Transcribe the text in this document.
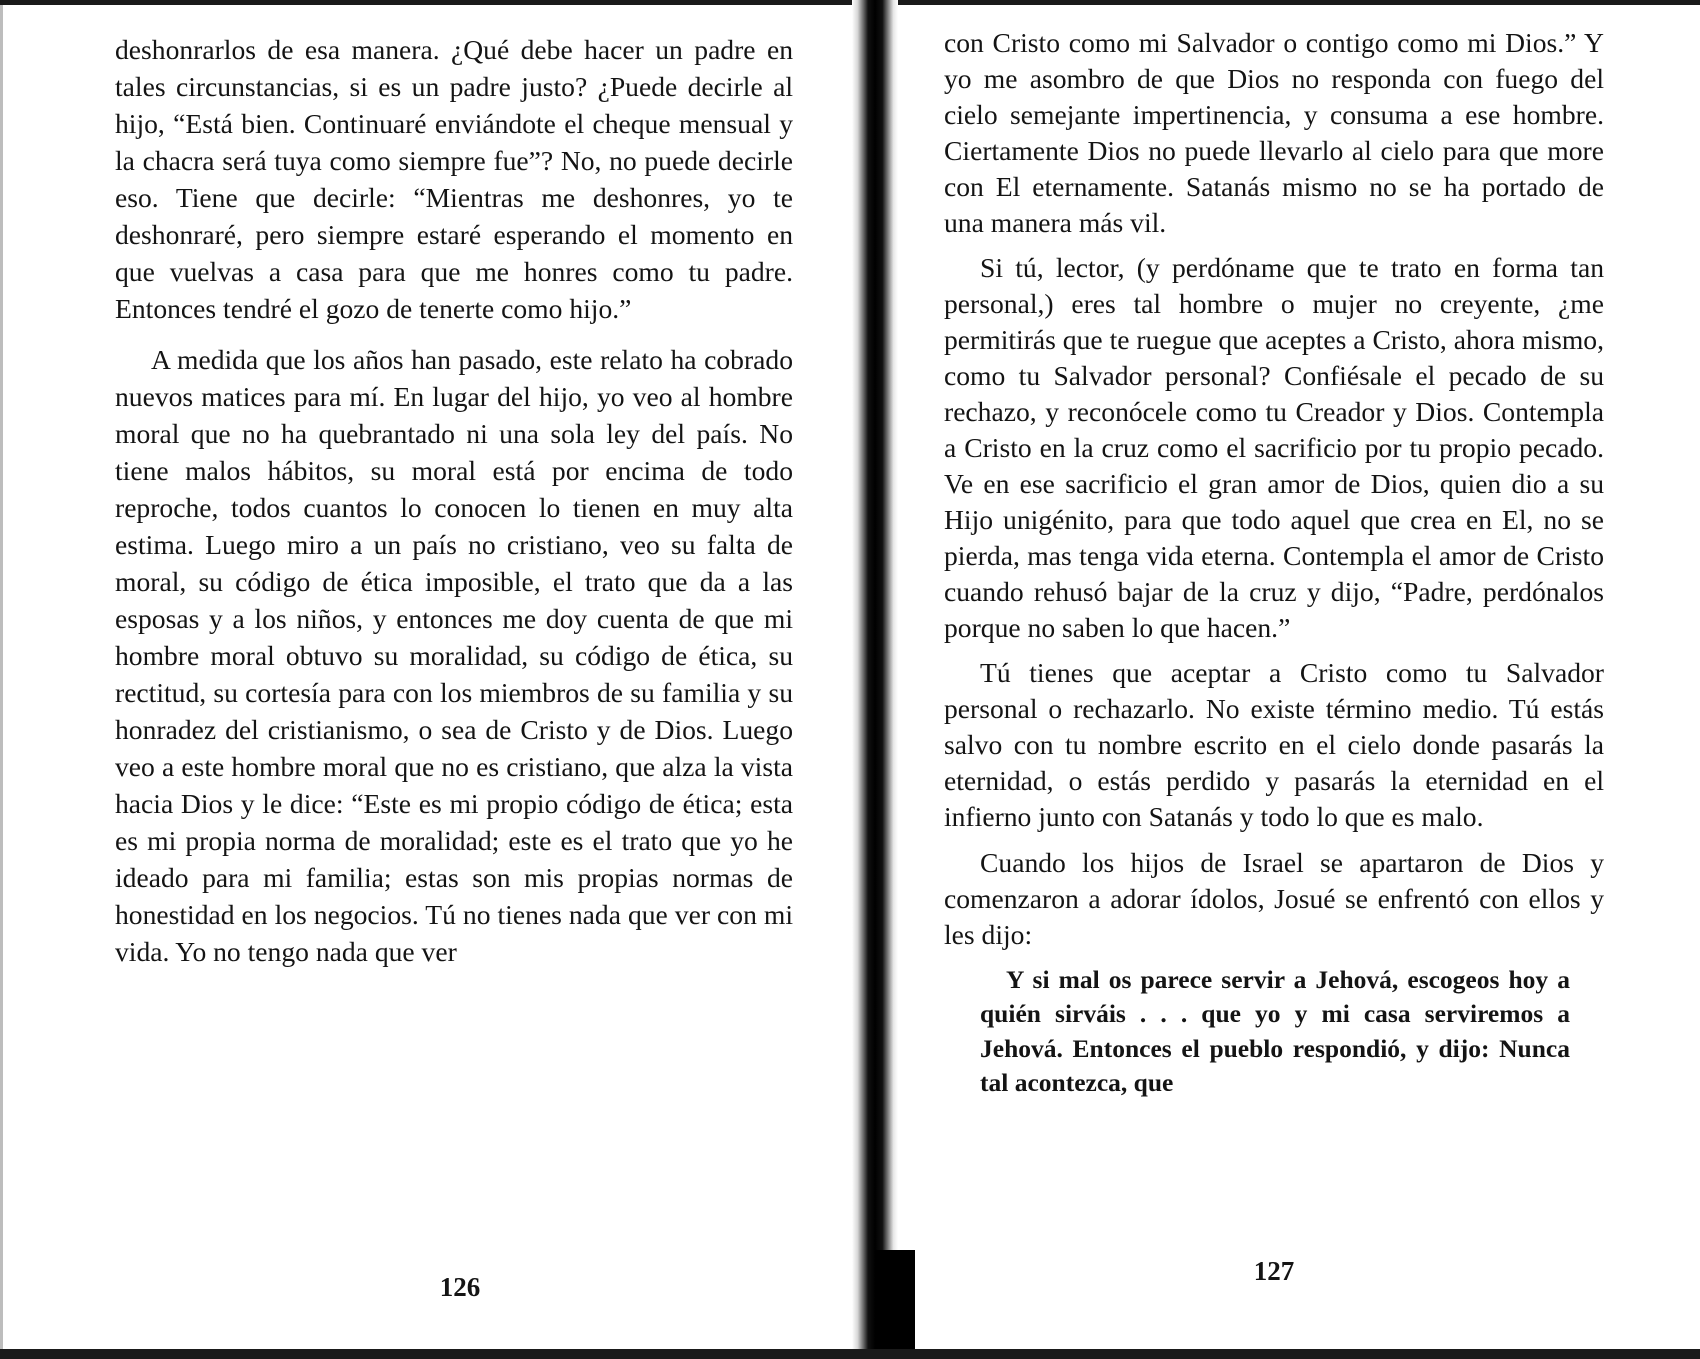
deshonrarlos de esa manera. ¿Qué debe hacer un padre en tales circunstancias, si es un padre justo? ¿Puede decirle al hijo, “Está bien. Continuaré enviándote el cheque mensual y la chacra será tuya como siempre fue”? No, no puede decirle eso. Tiene que decirle: “Mientras me deshonres, yo te deshonraré, pero siempre estaré esperando el momento en que vuelvas a casa para que me honres como tu padre. Entonces tendré el gozo de tenerte como hijo.”

A medida que los años han pasado, este relato ha cobrado nuevos matices para mí. En lugar del hijo, yo veo al hombre moral que no ha quebrantado ni una sola ley del país. No tiene malos hábitos, su moral está por encima de todo reproche, todos cuantos lo conocen lo tienen en muy alta estima. Luego miro a un país no cristiano, veo su falta de moral, su código de ética imposible, el trato que da a las esposas y a los niños, y entonces me doy cuenta de que mi hombre moral obtuvo su moralidad, su código de ética, su rectitud, su cortesía para con los miembros de su familia y su honradez del cristianismo, o sea de Cristo y de Dios. Luego veo a este hombre moral que no es cristiano, que alza la vista hacia Dios y le dice: “Este es mi propio código de ética; esta es mi propia norma de moralidad; este es el trato que yo he ideado para mi familia; estas son mis propias normas de honestidad en los negocios. Tú no tienes nada que ver con mi vida. Yo no tengo nada que ver

126

con Cristo como mi Salvador o contigo como mi Dios.” Y yo me asombro de que Dios no responda con fuego del cielo semejante impertinencia, y consuma a ese hombre. Ciertamente Dios no puede llevarlo al cielo para que more con El eternamente. Satanás mismo no se ha portado de una manera más vil.

Si tú, lector, (y perdóname que te trato en forma tan personal,) eres tal hombre o mujer no creyente, ¿me permitirás que te ruegue que aceptes a Cristo, ahora mismo, como tu Salvador personal? Confiésale el pecado de su rechazo, y reconócele como tu Creador y Dios. Contempla a Cristo en la cruz como el sacrificio por tu propio pecado. Ve en ese sacrificio el gran amor de Dios, quien dio a su Hijo unigénito, para que todo aquel que crea en El, no se pierda, mas tenga vida eterna. Contempla el amor de Cristo cuando rehusó bajar de la cruz y dijo, “Padre, perdónalos porque no saben lo que hacen.”

Tú tienes que aceptar a Cristo como tu Salvador personal o rechazarlo. No existe término medio. Tú estás salvo con tu nombre escrito en el cielo donde pasarás la eternidad, o estás perdido y pasarás la eternidad en el infierno junto con Satanás y todo lo que es malo.

Cuando los hijos de Israel se apartaron de Dios y comenzaron a adorar ídolos, Josué se enfrentó con ellos y les dijo:

Y si mal os parece servir a Jehová, escogeos hoy a quién sirváis . . . que yo y mi casa serviremos a Jehová. Entonces el pueblo respondió, y dijo: Nunca tal acontezca, que

127
